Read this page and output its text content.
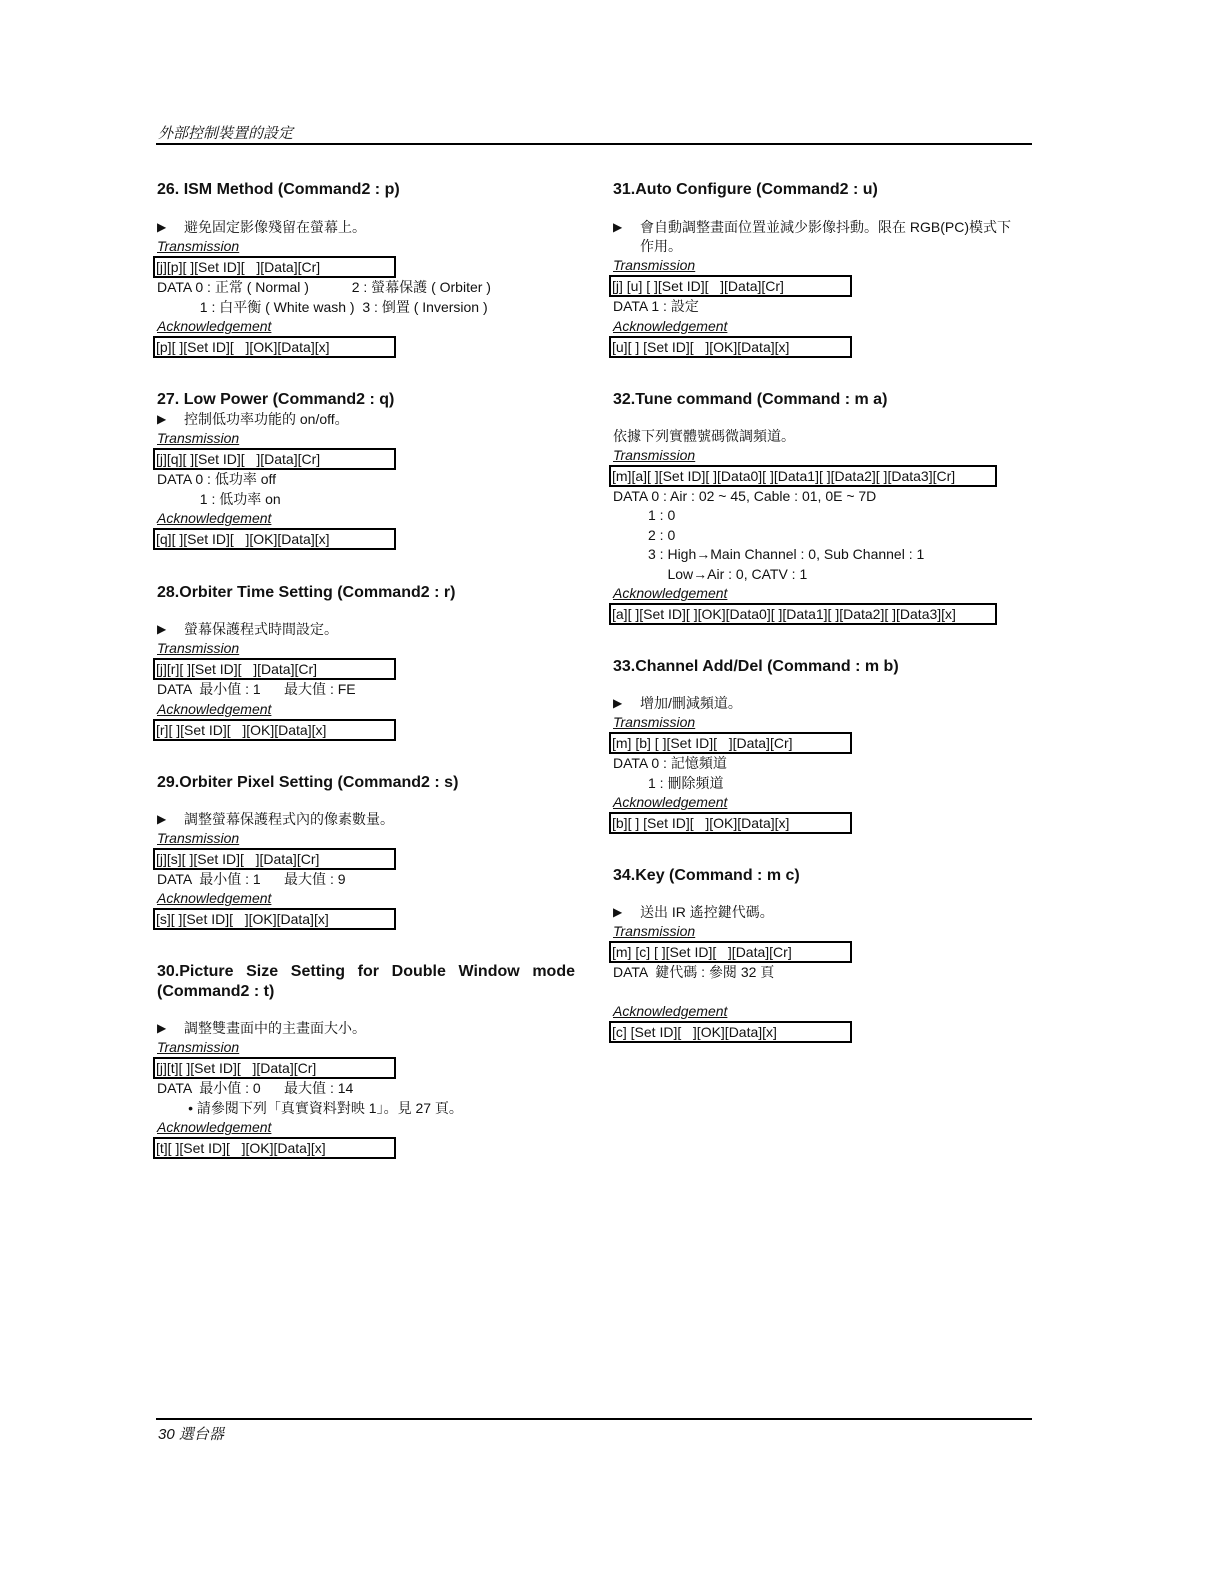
外部控制裝置的設定

26. ISM Method (Command2 : p)

▶	避免固定影像殘留在螢幕上。

Transmission

[j][p][ ][Set ID][   ][Data][Cr]

DATA 0 : 正常 ( Normal )           2 : 螢幕保護 ( Orbiter )

1 : 白平衡 ( White wash )  3 : 倒置 ( Inversion )

Acknowledgement

[p][ ][Set ID][   ][OK][Data][x]

27. Low Power (Command2 : q)

▶	控制低功率功能的 on/off。

Transmission

[j][q][ ][Set ID][   ][Data][Cr]

DATA 0 : 低功率 off

1 : 低功率 on

Acknowledgement

[q][ ][Set ID][   ][OK][Data][x]

28.Orbiter Time Setting (Command2 : r)

▶	螢幕保護程式時間設定。

Transmission

[j][r][ ][Set ID][   ][Data][Cr]

DATA  最小值 : 1      最大值 : FE

Acknowledgement

[r][ ][Set ID][   ][OK][Data][x]

29.Orbiter Pixel Setting (Command2 : s)

▶	調整螢幕保護程式內的像素數量。

Transmission

[j][s][ ][Set ID][   ][Data][Cr]

DATA  最小值 : 1      最大值 : 9

Acknowledgement

[s][ ][Set ID][   ][OK][Data][x]

30.Picture Size Setting for Double Window mode

(Command2 : t)

▶	調整雙畫面中的主畫面大小。

Transmission

[j][t][ ][Set ID][   ][Data][Cr]

DATA  最小值 : 0      最大值 : 14

• 請參閱下列「真實資料對映 1」。見 27 頁。

Acknowledgement

[t][ ][Set ID][   ][OK][Data][x]

31.Auto Configure (Command2 : u)

▶	會自動調整畫面位置並減少影像抖動。限在 RGB(PC)模式下

作用。

Transmission

[j] [u] [ ][Set ID][   ][Data][Cr]

DATA 1 : 設定

Acknowledgement

[u][ ] [Set ID][   ][OK][Data][x]

32.Tune command (Command : m a)

依據下列實體號碼微調頻道。

Transmission

[m][a][ ][Set ID][ ][Data0][ ][Data1][ ][Data2][ ][Data3][Cr]

DATA 0 : Air : 02 ~ 45, Cable : 01, 0E ~ 7D

1 : 0

2 : 0

3 : High→Main Channel : 0, Sub Channel : 1

Low→Air : 0, CATV : 1

Acknowledgement

[a][ ][Set ID][ ][OK][Data0][ ][Data1][ ][Data2][ ][Data3][x]

33.Channel Add/Del (Command : m b)

▶	增加/刪減頻道。

Transmission

[m] [b] [ ][Set ID][   ][Data][Cr]

DATA 0 : 記憶頻道

1 : 刪除頻道

Acknowledgement

[b][ ] [Set ID][   ][OK][Data][x]

34.Key (Command : m c)

▶	送出 IR 遙控鍵代碼。

Transmission

[m] [c] [ ][Set ID][   ][Data][Cr]

DATA  鍵代碼 : 參閱 32 頁

Acknowledgement

[c] [Set ID][   ][OK][Data][x]
30 選台器
